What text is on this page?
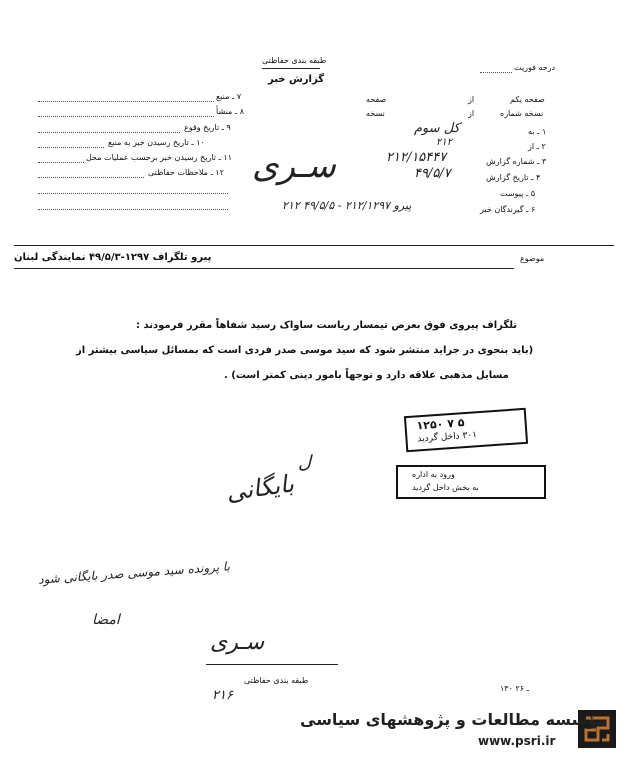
طبقه بندی حفاظتی
گزارش خبر
درجه فوریت
صفحه یکم
از
صفحه
نسخه شماره
از
نسخه
۱ ـ به
کل سوم
۲ ـ از
۲۱۲
۳ ـ شماره گزارش
۲۱۲/۱۵۴۴۷
۴ ـ تاریخ گزارش
۴۹/۵/۷
۵ ـ پیوست
۶ ـ گیرندگان خبر
۲۱۲ پیرو ۲۱۲/۱۲۹۷ - ۴۹/۵/۵
۷ ـ منبع
۸ ـ منشأ
۹ ـ تاریخ وقوع
۱۰ ـ تاریخ رسیدن خبر به منبع
۱۱ ـ تاریخ رسیدن خبر برحسب عملیات محل
۱۲ ـ ملاحظات حفاظتی سـری
موضوع
پیرو تلگراف ۱۲۹۷-۴۹/۵/۳ نمایندگی لبنان
تلگراف پیروی فوق بعرض تیمسار ریاست ساواک رسید شفاهاً مقرر فرمودند :
(باید بنحوی در جراید منتشر شود که سید موسی صدر فردی است که بمسائل سیاسی بیشتر از
مسایل مذهبی علاقه دارد و توجهاً بامور دینی کمتر است) .
۱۲۵۰ ۷ ۵
۳۰۱ داخل گردید
ورود به اداره
به بخش داخل گردید
بایگانی
ل
با پرونده سید موسی صدر بایگانی شود
امضا
سـری
طبقه بندی حفاظتی
۱۳۰ ـ ۲۶
۲۱۶
مؤسسه مطالعات و پژوهشهای سیاسی
www.psri.ir
